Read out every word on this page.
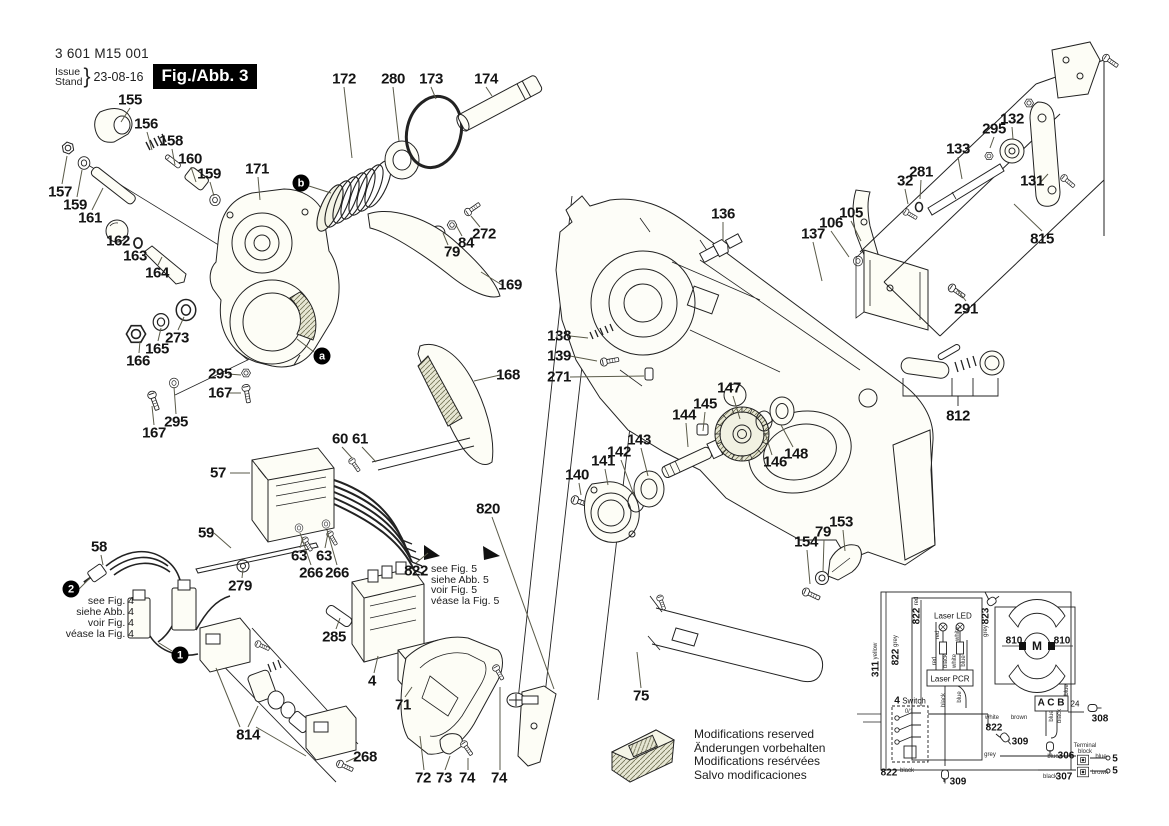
3 601 M15 001
Issue
Stand } 23-08-16	Fig./Abb. 3
see Fig. 4
siehe Abb. 4
voir Fig. 4
véase la Fig. 4
see Fig. 5
siehe Abb. 5
voir Fig. 5
véase la Fig. 5
Modifications reserved
Änderungen vorbehalten
Modifications resérvées
Salvo modificaciones
155
156
158
160
159 171
157
159
161
162
163
164
273
165
166
295
167
295
167
172 280 173 174
272
84
79
169
168
136
137
106
105
295
132
133
281
32	131
815
291
812
138
139
271
147
145
144
143
142
141
140
146
148
153
79
154
57
60 61
59
58
63 63
266 266
279
285
4
71
72 73 74 74
75
814
268
820
822
822
red
823
grey
822
grey
311
yellow
Laser LED
red white
red black white blue
Laser PCR
black blue
4 Switch
0/1
810	810
M
blue
A C B 24
308
white brown
822
309
blue black
grey	blue
306
Terminal
block
blue 5
brown 5
black
307
822 black
309
b
a
2
1
